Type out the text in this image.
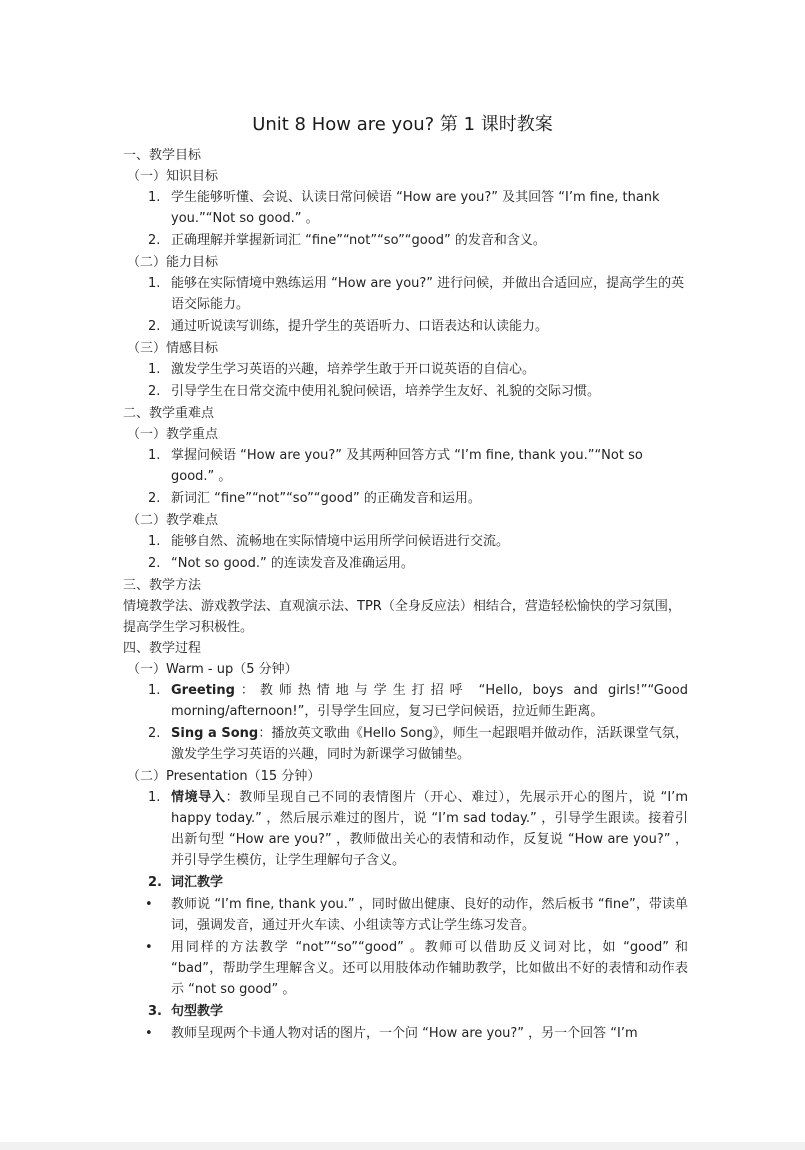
Unit 8 How are you? 第 1 课时教案

一、教学目标

（一）知识目标

1. 学生能够听懂、会说、认读日常问候语 “How are you?” 及其回答 “I’m fine, thank you.”“Not so good.” 。
2. 正确理解并掌握新词汇 “fine”“not”“so”“good” 的发音和含义。

（二）能力目标

1. 能够在实际情境中熟练运用 “How are you?” 进行问候，并做出合适回应，提高学生的英语交际能力。
2. 通过听说读写训练，提升学生的英语听力、口语表达和认读能力。

（三）情感目标

1. 激发学生学习英语的兴趣，培养学生敢于开口说英语的自信心。
2. 引导学生在日常交流中使用礼貌问候语，培养学生友好、礼貌的交际习惯。

二、教学重难点

（一）教学重点

1. 掌握问候语 “How are you?” 及其两种回答方式 “I’m fine, thank you.”“Not so good.” 。
2. 新词汇 “fine”“not”“so”“good” 的正确发音和运用。

（二）教学难点

1. 能够自然、流畅地在实际情境中运用所学问候语进行交流。
2. “Not so good.” 的连读发音及准确运用。

三、教学方法

情境教学法、游戏教学法、直观演示法、TPR（全身反应法）相结合，营造轻松愉快的学习氛围，提高学生学习积极性。

四、教学过程

（一）Warm - up（5 分钟）

1. Greeting：教师热情地与学生打招呼 “Hello, boys and girls!”“Good morning/afternoon!”，引导学生回应，复习已学问候语，拉近师生距离。
2. Sing a Song：播放英文歌曲《Hello Song》，师生一起跟唱并做动作，活跃课堂气氛，激发学生学习英语的兴趣，同时为新课学习做铺垫。

（二）Presentation（15 分钟）

1. 情境导入：教师呈现自己不同的表情图片（开心、难过），先展示开心的图片，说 “I’m happy today.” ，然后展示难过的图片，说 “I’m sad today.” ，引导学生跟读。接着引出新句型 “How are you?” ，教师做出关心的表情和动作，反复说 “How are you?” ，并引导学生模仿，让学生理解句子含义。
2. 词汇教学
• 教师说 “I’m fine, thank you.” ，同时做出健康、良好的动作，然后板书 “fine”，带读单词，强调发音，通过开火车读、小组读等方式让学生练习发音。
• 用同样的方法教学 “not”“so”“good” 。教师可以借助反义词对比，如 “good” 和 “bad”，帮助学生理解含义。还可以用肢体动作辅助教学，比如做出不好的表情和动作表示 “not so good” 。
3. 句型教学
• 教师呈现两个卡通人物对话的图片，一个问 “How are you?” ，另一个回答 “I’m
